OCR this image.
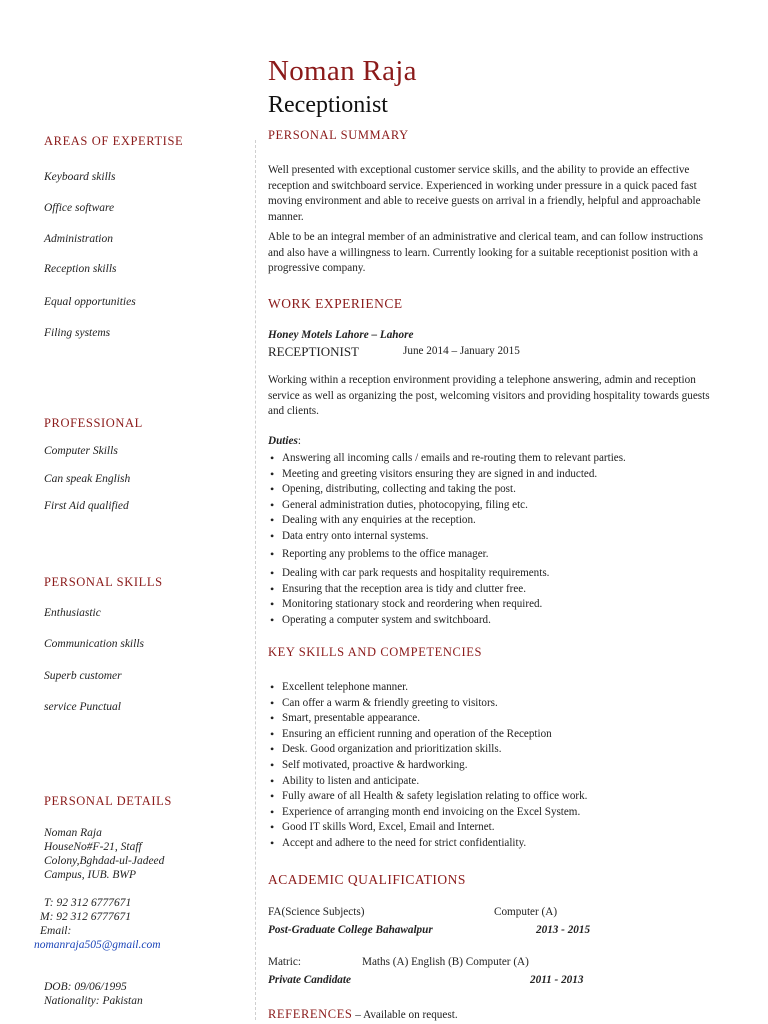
Noman Raja
Receptionist
AREAS OF EXPERTISE
Keyboard skills
Office software
Administration
Reception skills
Equal opportunities
Filing systems
PROFESSIONAL
Computer Skills
Can speak English
First Aid qualified
PERSONAL SKILLS
Enthusiastic
Communication skills
Superb customer
service Punctual
PERSONAL DETAILS
Noman Raja
HouseNo#F-21, Staff
Colony,Bghdad-ul-Jadeed
Campus, IUB. BWP
T: 92 312 6777671
M: 92 312 6777671
Email:
nomanraja505@gmail.com
DOB: 09/06/1995
Nationality: Pakistan
PERSONAL SUMMARY
Well presented with exceptional customer service skills, and the ability to provide an effective reception and switchboard service. Experienced in working under pressure in a quick paced fast moving environment and able to receive guests on arrival in a friendly, helpful and approachable manner.
Able to be an integral member of an administrative and clerical team, and can follow instructions and also have a willingness to learn. Currently looking for a suitable receptionist position with a progressive company.
WORK EXPERIENCE
Honey Motels Lahore – Lahore
RECEPTIONIST	June 2014 – January 2015
Working within a reception environment providing a telephone answering, admin and reception service as well as organizing the post, welcoming visitors and providing hospitality towards guests and clients.
Duties:
• Answering all incoming calls / emails and re-routing them to relevant parties.
• Meeting and greeting visitors ensuring they are signed in and inducted.
• Opening, distributing, collecting and taking the post.
• General administration duties, photocopying, filing etc.
• Dealing with any enquiries at the reception.
• Data entry onto internal systems.
• Reporting any problems to the office manager.
• Dealing with car park requests and hospitality requirements.
• Ensuring that the reception area is tidy and clutter free.
• Monitoring stationary stock and reordering when required.
• Operating a computer system and switchboard.
KEY SKILLS AND COMPETENCIES
• Excellent telephone manner.
• Can offer a warm & friendly greeting to visitors.
• Smart, presentable appearance.
• Ensuring an efficient running and operation of the Reception
• Desk. Good organization and prioritization skills.
• Self motivated, proactive & hardworking.
• Ability to listen and anticipate.
• Fully aware of all Health & safety legislation relating to office work.
• Experience of arranging month end invoicing on the Excel System.
• Good IT skills Word, Excel, Email and Internet.
• Accept and adhere to the need for strict confidentiality.
ACADEMIC QUALIFICATIONS
FA(Science Subjects)	Computer (A)
Post-Graduate College Bahawalpur	2013 - 2015
Matric:	Maths (A) English (B) Computer (A)
Private Candidate	2011 - 2013
REFERENCES – Available on request.
